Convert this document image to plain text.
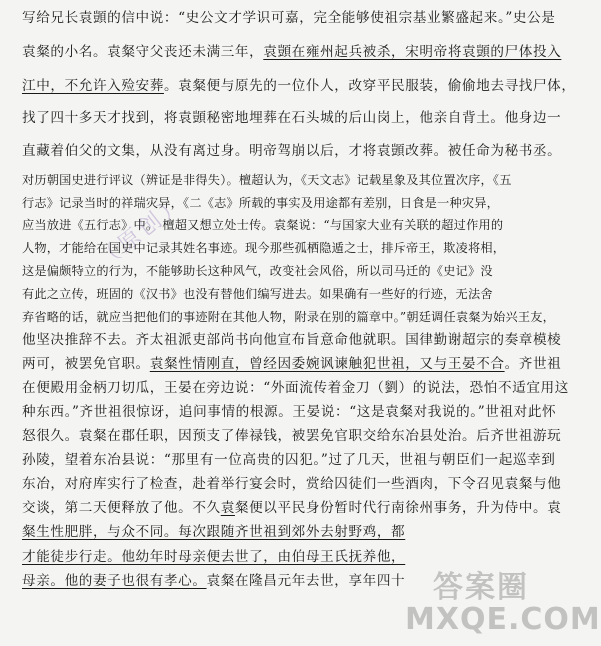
（原创）
写给兄长袁顗的信中说：“史公文才学识可嘉，完全能够使祖宗基业繁盛起来。”史公是
袁粲的小名。袁粲守父丧还未满三年，袁顗在雍州起兵被杀，宋明帝将袁顗的尸体投入
江中，不允许入殓安葬。袁粲便与原先的一位仆人，改穿平民服装，偷偷地去寻找尸体，
找了四十多天才找到，将袁顗秘密地埋葬在石头城的后山岗上，他亲自背土。他身边一
直藏着伯父的文集，从没有离过身。明帝驾崩以后，才将袁顗改葬。被任命为秘书丞。
对历朝国史进行评议（辨证是非得失）。檀超认为，《天文志》记载星象及其位置次序，《五
行志》记录当时的祥瑞灾异，《二《志》所载的事实及用途都有差别，日食是一种灾异，
应当放进《五行志》中。 檀超又想立处士传。袁粲说：“与国家大业有关联的超过作用的
人物，才能给在国史中记录其姓名事迹。现今那些孤栖隐遁之士，排斥帝王，欺凌将相，
这是偏颇特立的行为，不能够助长这种风气，改变社会风俗，所以司马迁的《史记》没
有此之立传，班固的《汉书》也没有替他们编写进去。如果确有一些好的行迹，无法舍
弃省略的话，就应当把他们的事迹附在其他人物，附录在别的篇章中。”朝廷调任袁粲为始兴王友，
他坚决推辞不去。齐太祖派吏部尚书向他宣布旨意命他就职。国律勤谢超宗的奏章模棱
两可，被罢免官职。袁粲性情刚直，曾经因委婉讽谏触犯世祖，又与王晏不合。齐世祖
在便殿用金柄刀切瓜，王晏在旁边说：“外面流传着金刀（劉）的说法，恐怕不适宜用这
种东西。”齐世祖很惊讶，追问事情的根源。王晏说：“这是袁粲对我说的。”世祖对此怀
怒很久。袁粲在郡任职，因预支了俸禄钱，被罢免官职交给东冶县处治。后齐世祖游玩
孙陵，望着东冶县说：“那里有一位高贵的囚犯。”过了几天，世祖与朝臣们一起巡幸到
东冶，对府库实行了检查，赴着举行宴会时，赏给囚徒们一些酒肉，下令召见袁粲与他
交谈，第二天便释放了他。不久袁粲便以平民身份暂时代行南徐州事务，升为侍中。袁
粲生性肥胖，与众不同。每次跟随齐世祖到郊外去射野鸡，都
才能徒步行走。他幼年时母亲便去世了，由伯母王氏抚养他，
母亲。他的妻子也很有孝心。袁粲在隆昌元年去世，享年四十 答案圈
MXQE.COM
